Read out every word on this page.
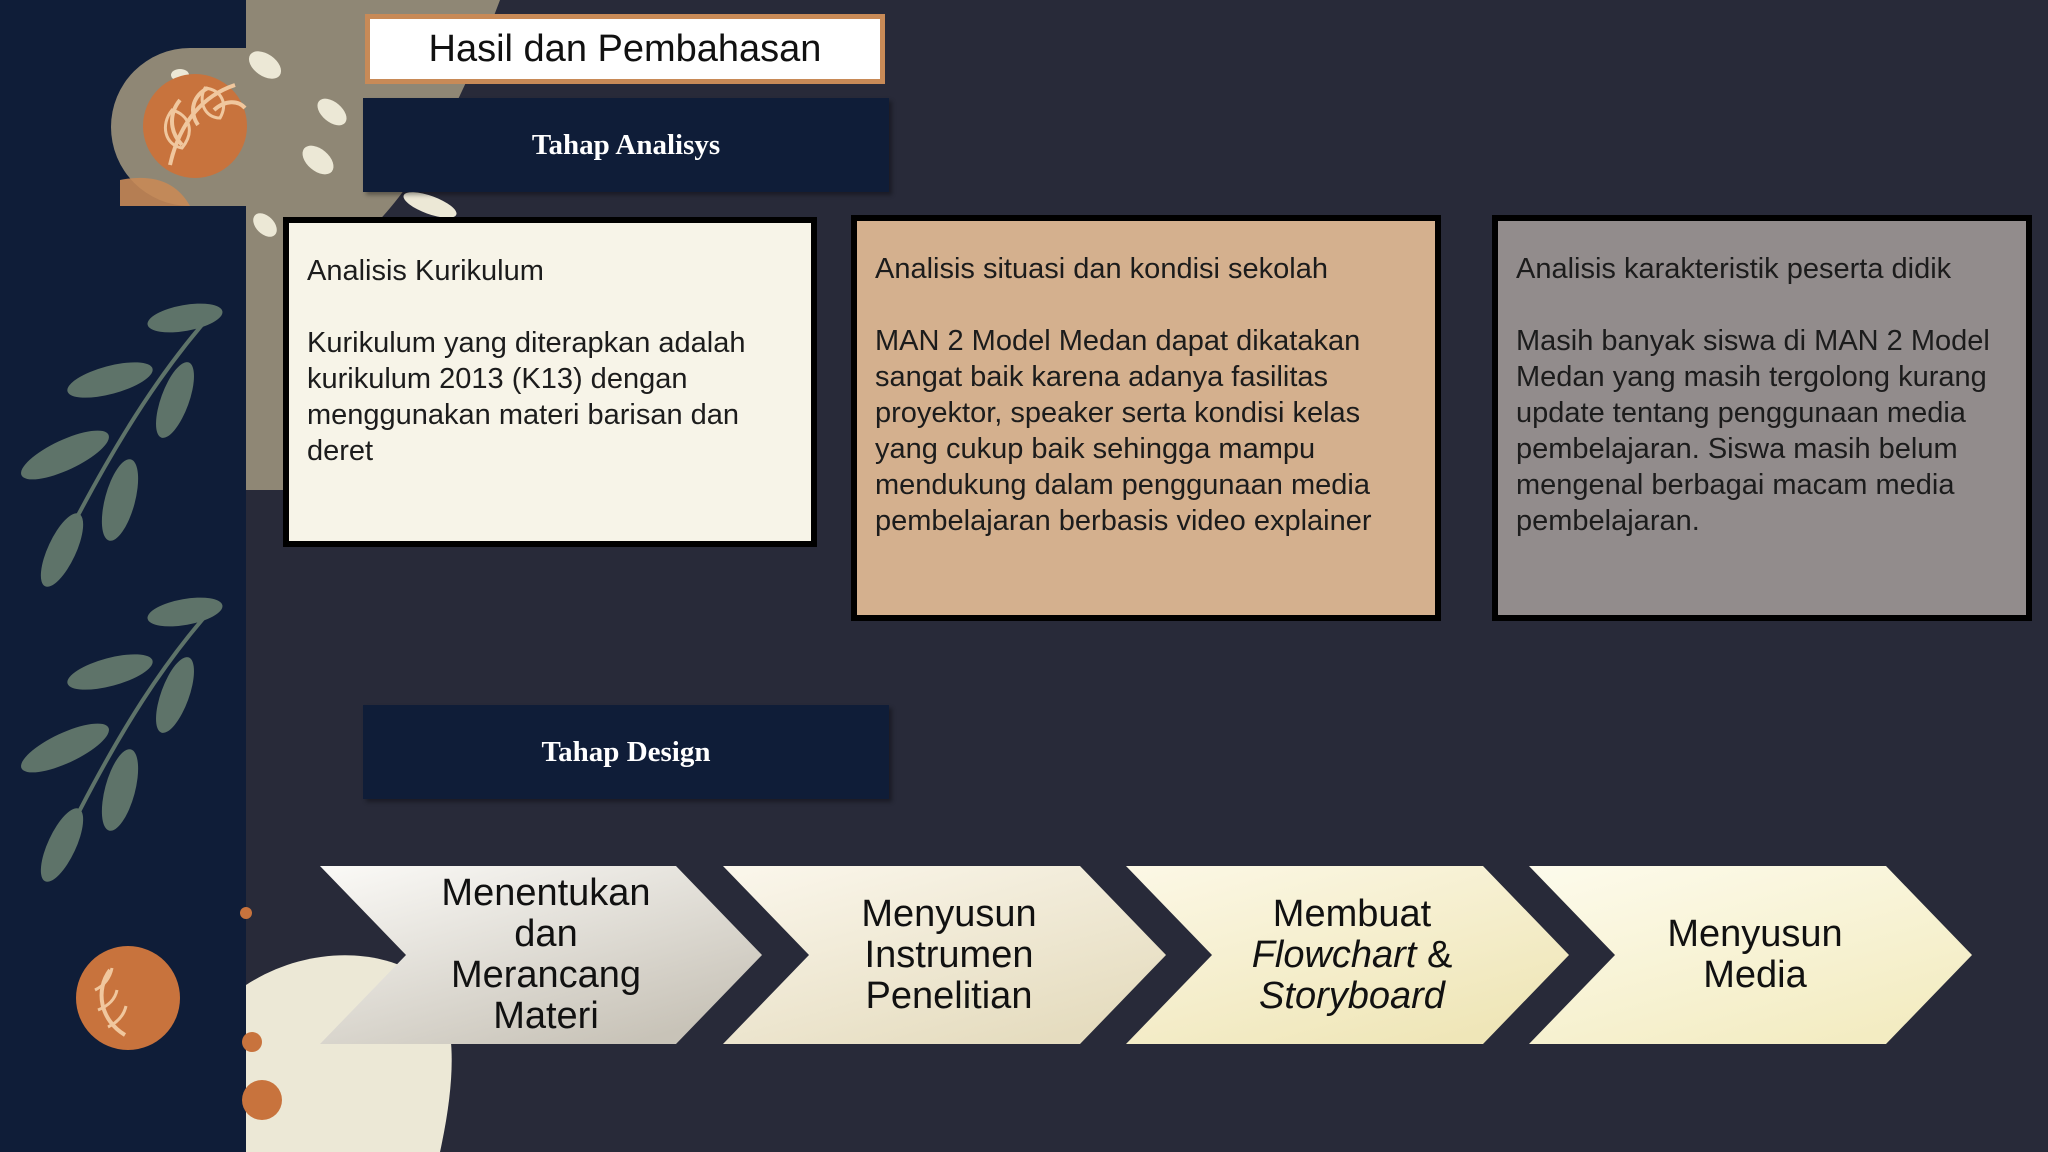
Hasil dan Pembahasan
Tahap Analisys

Analisis Kurikulum

Kurikulum yang diterapkan adalah kurikulum 2013 (K13) dengan menggunakan materi barisan dan deret

Analisis situasi dan kondisi sekolah

MAN 2 Model Medan dapat dikatakan sangat baik karena adanya fasilitas proyektor, speaker serta kondisi kelas yang cukup baik sehingga mampu mendukung dalam penggunaan media pembelajaran berbasis video explainer

Analisis karakteristik peserta didik

Masih banyak siswa di MAN 2 Model Medan yang masih tergolong kurang update tentang penggunaan media pembelajaran. Siswa masih belum mengenal berbagai macam media pembelajaran.

Tahap Design
Menentukan
dan
Merancang
Materi
Menyusun
Instrumen
Penelitian
Membuat
Flowchart &
Storyboard
Menyusun
Media
